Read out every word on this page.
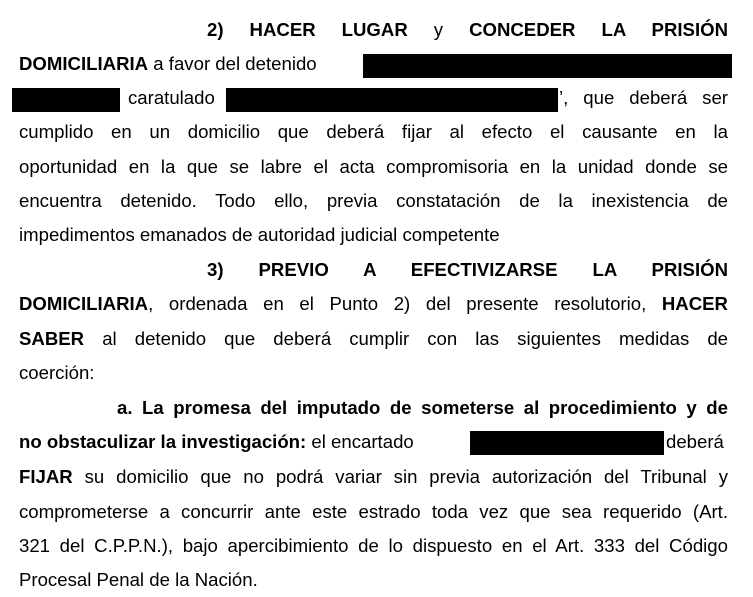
2) HACER LUGAR y CONCEDER LA PRISIÓN
DOMICILIARIA a favor del detenido
caratulado	’, que deberá ser
cumplido en un domicilio que deberá fijar al efecto el causante en la
oportunidad en la que se labre el acta compromisoria en la unidad donde se
encuentra detenido. Todo ello, previa constatación de la inexistencia de
impedimentos emanados de autoridad judicial competente
3) PREVIO A EFECTIVIZARSE LA PRISIÓN
DOMICILIARIA, ordenada en el Punto 2) del presente resolutorio, HACER
SABER al detenido que deberá cumplir con las siguientes medidas de
coerción:
a. La promesa del imputado de someterse al procedimiento y de
no obstaculizar la investigación: el encartado	deberá
FIJAR su domicilio que no podrá variar sin previa autorización del Tribunal y
comprometerse a concurrir ante este estrado toda vez que sea requerido (Art.
321 del C.P.P.N.), bajo apercibimiento de lo dispuesto en el Art. 333 del Código
Procesal Penal de la Nación.
